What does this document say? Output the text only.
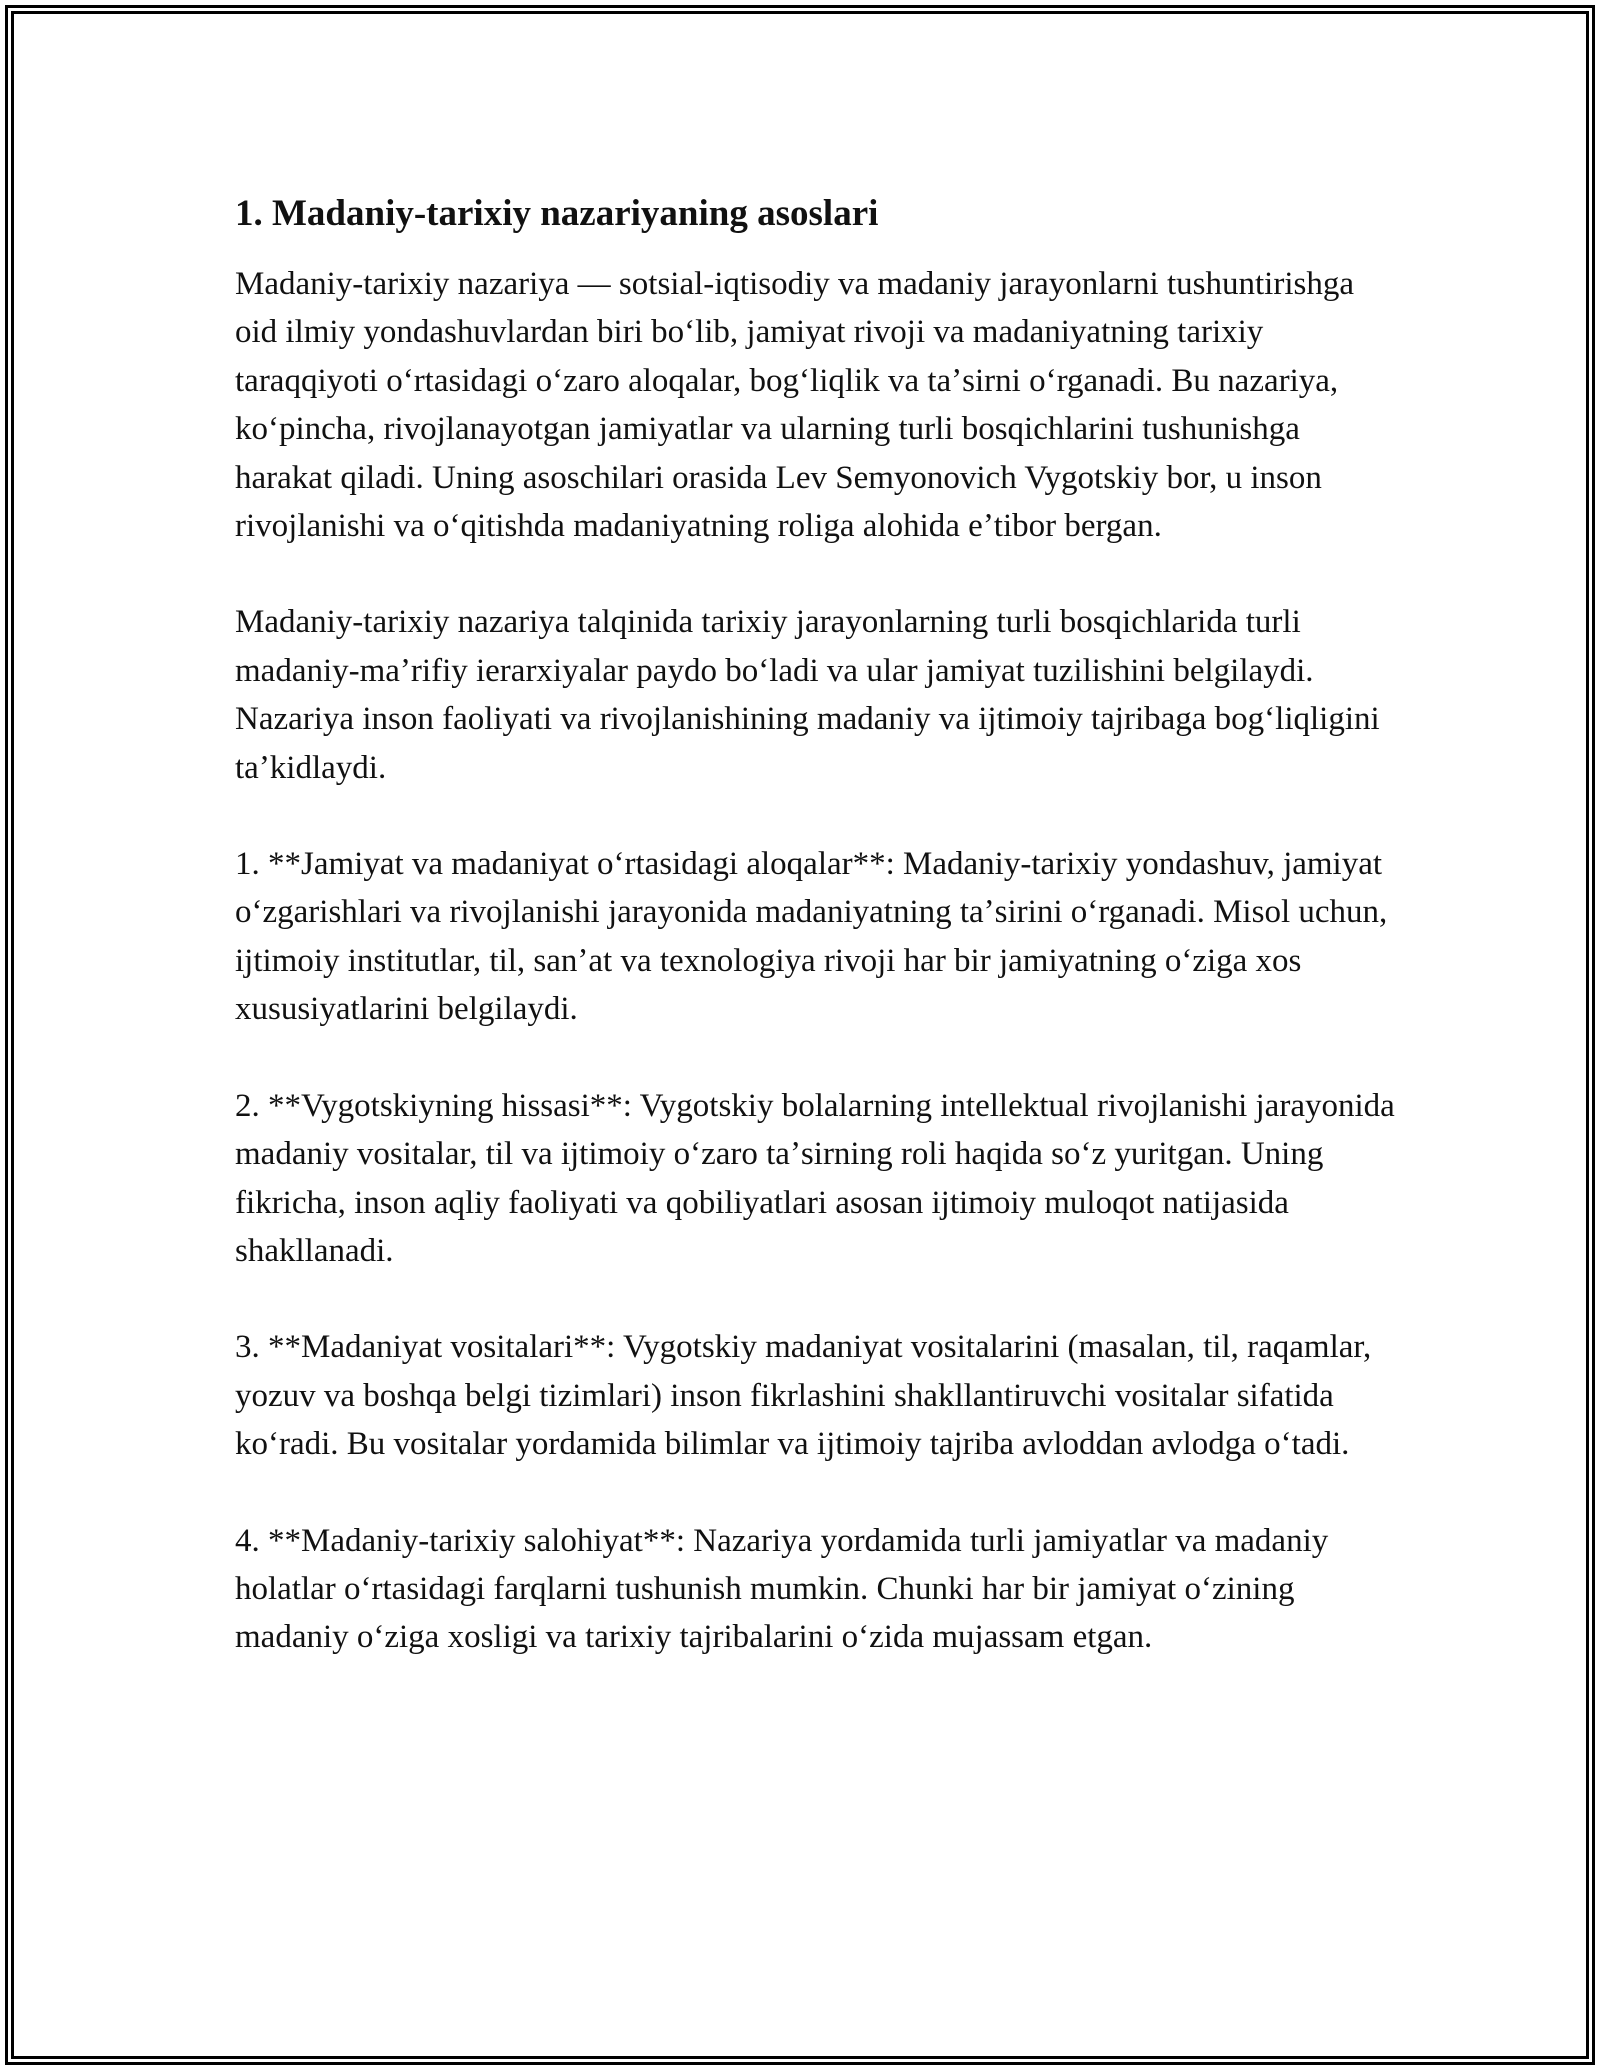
1. Madaniy-tarixiy nazariyaning asoslari

Madaniy-tarixiy nazariya — sotsial-iqtisodiy va madaniy jarayonlarni tushuntirishga oid ilmiy yondashuvlardan biri boʻlib, jamiyat rivoji va madaniyatning tarixiy taraqqiyoti oʻrtasidagi oʻzaro aloqalar, bogʻliqlik va taʼsirni oʻrganadi. Bu nazariya, koʻpincha, rivojlanayotgan jamiyatlar va ularning turli bosqichlarini tushunishga harakat qiladi. Uning asoschilari orasida Lev Semyonovich Vygotskiy bor, u inson rivojlanishi va oʻqitishda madaniyatning roliga alohida eʼtibor bergan.

Madaniy-tarixiy nazariya talqinida tarixiy jarayonlarning turli bosqichlarida turli madaniy-maʼrifiy ierarxiyalar paydo boʻladi va ular jamiyat tuzilishini belgilaydi. Nazariya inson faoliyati va rivojlanishining madaniy va ijtimoiy tajribaga bogʻliqligini taʼkidlaydi.

1. **Jamiyat va madaniyat oʻrtasidagi aloqalar**: Madaniy-tarixiy yondashuv, jamiyat oʻzgarishlari va rivojlanishi jarayonida madaniyatning taʼsirini oʻrganadi. Misol uchun, ijtimoiy institutlar, til, sanʼat va texnologiya rivoji har bir jamiyatning oʻziga xos xususiyatlarini belgilaydi.

2. **Vygotskiyning hissasi**: Vygotskiy bolalarning intellektual rivojlanishi jarayonida madaniy vositalar, til va ijtimoiy oʻzaro taʼsirning roli haqida soʻz yuritgan. Uning fikricha, inson aqliy faoliyati va qobiliyatlari asosan ijtimoiy muloqot natijasida shakllanadi.

3. **Madaniyat vositalari**: Vygotskiy madaniyat vositalarini (masalan, til, raqamlar, yozuv va boshqa belgi tizimlari) inson fikrlashini shakllantiruvchi vositalar sifatida koʻradi. Bu vositalar yordamida bilimlar va ijtimoiy tajriba avloddan avlodga oʻtadi.

4. **Madaniy-tarixiy salohiyat**: Nazariya yordamida turli jamiyatlar va madaniy holatlar oʻrtasidagi farqlarni tushunish mumkin. Chunki har bir jamiyat oʻzining madaniy oʻziga xosligi va tarixiy tajribalarini oʻzida mujassam etgan.
